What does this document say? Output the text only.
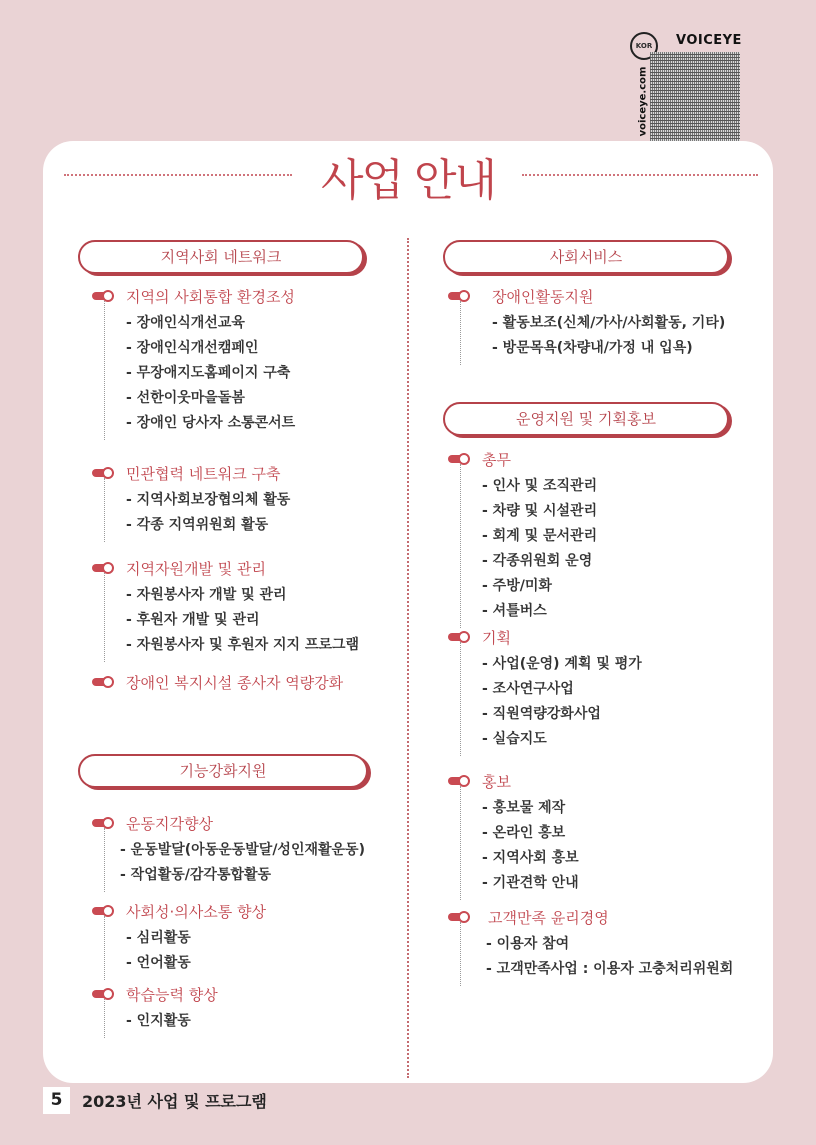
KOR	VOICEYE
voiceye.com
사업 안내
지역사회 네트워크
지역의 사회통합 환경조성
- 장애인식개선교육
- 장애인식개선캠페인
- 무장애지도홈페이지 구축
- 선한이웃마을돌봄
- 장애인 당사자 소통콘서트
민관협력 네트워크 구축
- 지역사회보장협의체 활동
- 각종 지역위원회 활동
지역자원개발 및 관리
- 자원봉사자 개발 및 관리
- 후원자 개발 및 관리
- 자원봉사자 및 후원자 지지 프로그램
장애인 복지시설 종사자 역량강화
기능강화지원
운동지각향상
- 운동발달(아동운동발달/성인재활운동)
- 작업활동/감각통합활동
사회성·의사소통 향상
- 심리활동
- 언어활동
학습능력 향상
- 인지활동
사회서비스
장애인활동지원
- 활동보조(신체/가사/사회활동, 기타)
- 방문목욕(차량내/가정 내 입욕)
운영지원 및 기획홍보
총무
- 인사 및 조직관리
- 차량 및 시설관리
- 회계 및 문서관리
- 각종위원회 운영
- 주방/미화
- 셔틀버스
기획
- 사업(운영) 계획 및 평가
- 조사연구사업
- 직원역량강화사업
- 실습지도
홍보
- 홍보물 제작
- 온라인 홍보
- 지역사회 홍보
- 기관견학 안내
고객만족 윤리경영
- 이용자 참여
- 고객만족사업 : 이용자 고충처리위원회
5	2023년 사업 및 프로그램
